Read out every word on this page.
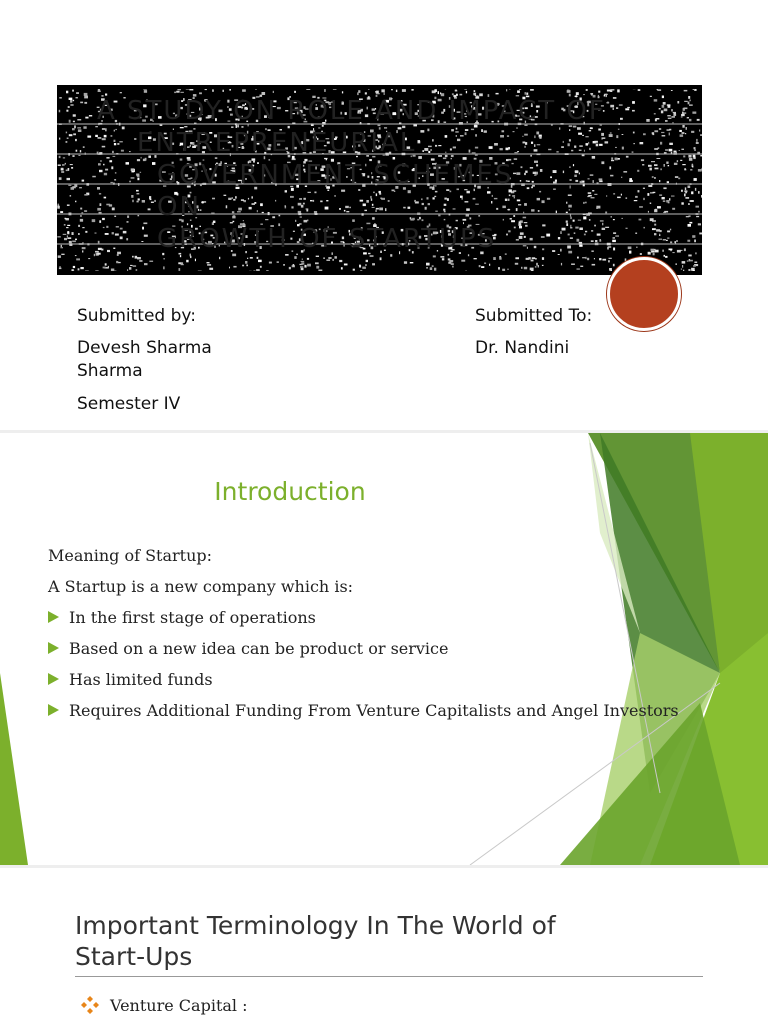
A STUDY ON ROLE AND IMPACT OF
ENTREPRENEURIAL
GOVERNMENT SCHEMES
ON
GROWTH OF STARTUPS
Submitted by:
Devesh Sharma
Sharma
Semester IV
Submitted To:
Dr. Nandini
Introduction
Meaning of Startup:
A Startup is a new company which is:
In the first stage of operations
Based on a new idea can be product or service
Has limited funds
Requires Additional Funding From Venture Capitalists and Angel Investors
Important Terminology In The World of
Start-Ups
Venture Capital :
